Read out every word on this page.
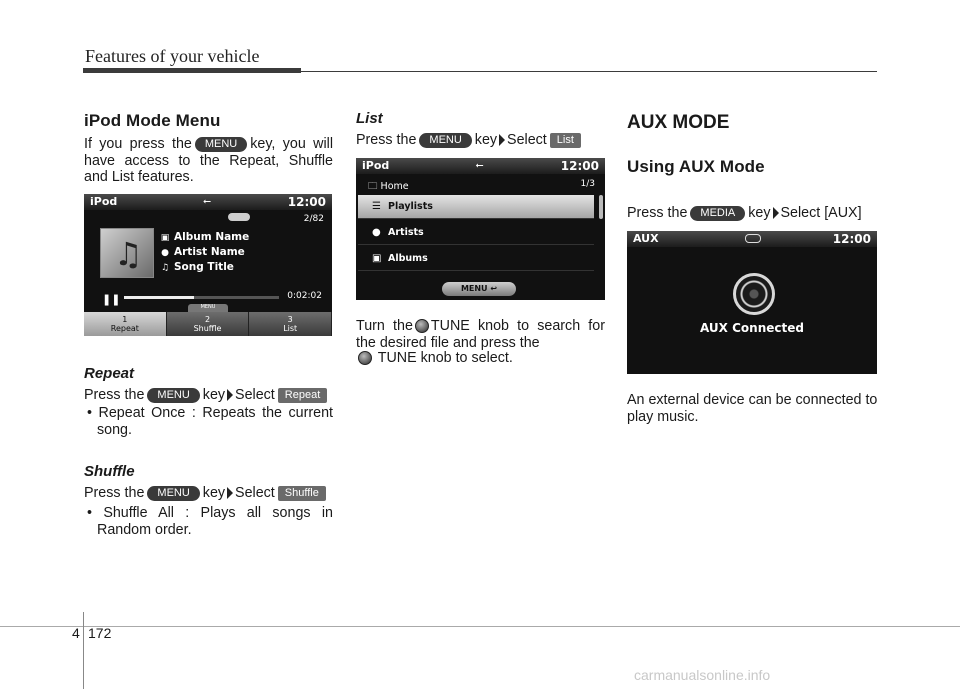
Features of your vehicle
iPod Mode Menu
If you press the MENU key, you will have access to the Repeat, Shuffle and List features.
iPod	⭠	12:00
2/82
♫ ▣ Album Name
● Artist Name
♫ Song Title
❚❚	0:02:02
MENU
1
Repeat
2
Shuffle
3
List
Repeat
Press the MENU key Select Repeat
• Repeat Once : Repeats the current song.
Shuffle
Press the MENU key Select Shuffle
• Shuffle All : Plays all songs in Random order.
List
Press the MENU key Select List
iPod	⭠	12:00
🗀 Home	1/3
☰ Playlists
● Artists
▣ Albums
MENU ↩
Turn the TUNE knob to search for the desired file and press the
TUNE knob to select.
AUX MODE
Using AUX Mode
Press the MEDIA key Select [AUX]
AUX	12:00
AUX Connected
An external device can be connected to play music.
4 172
carmanualsonline.info
